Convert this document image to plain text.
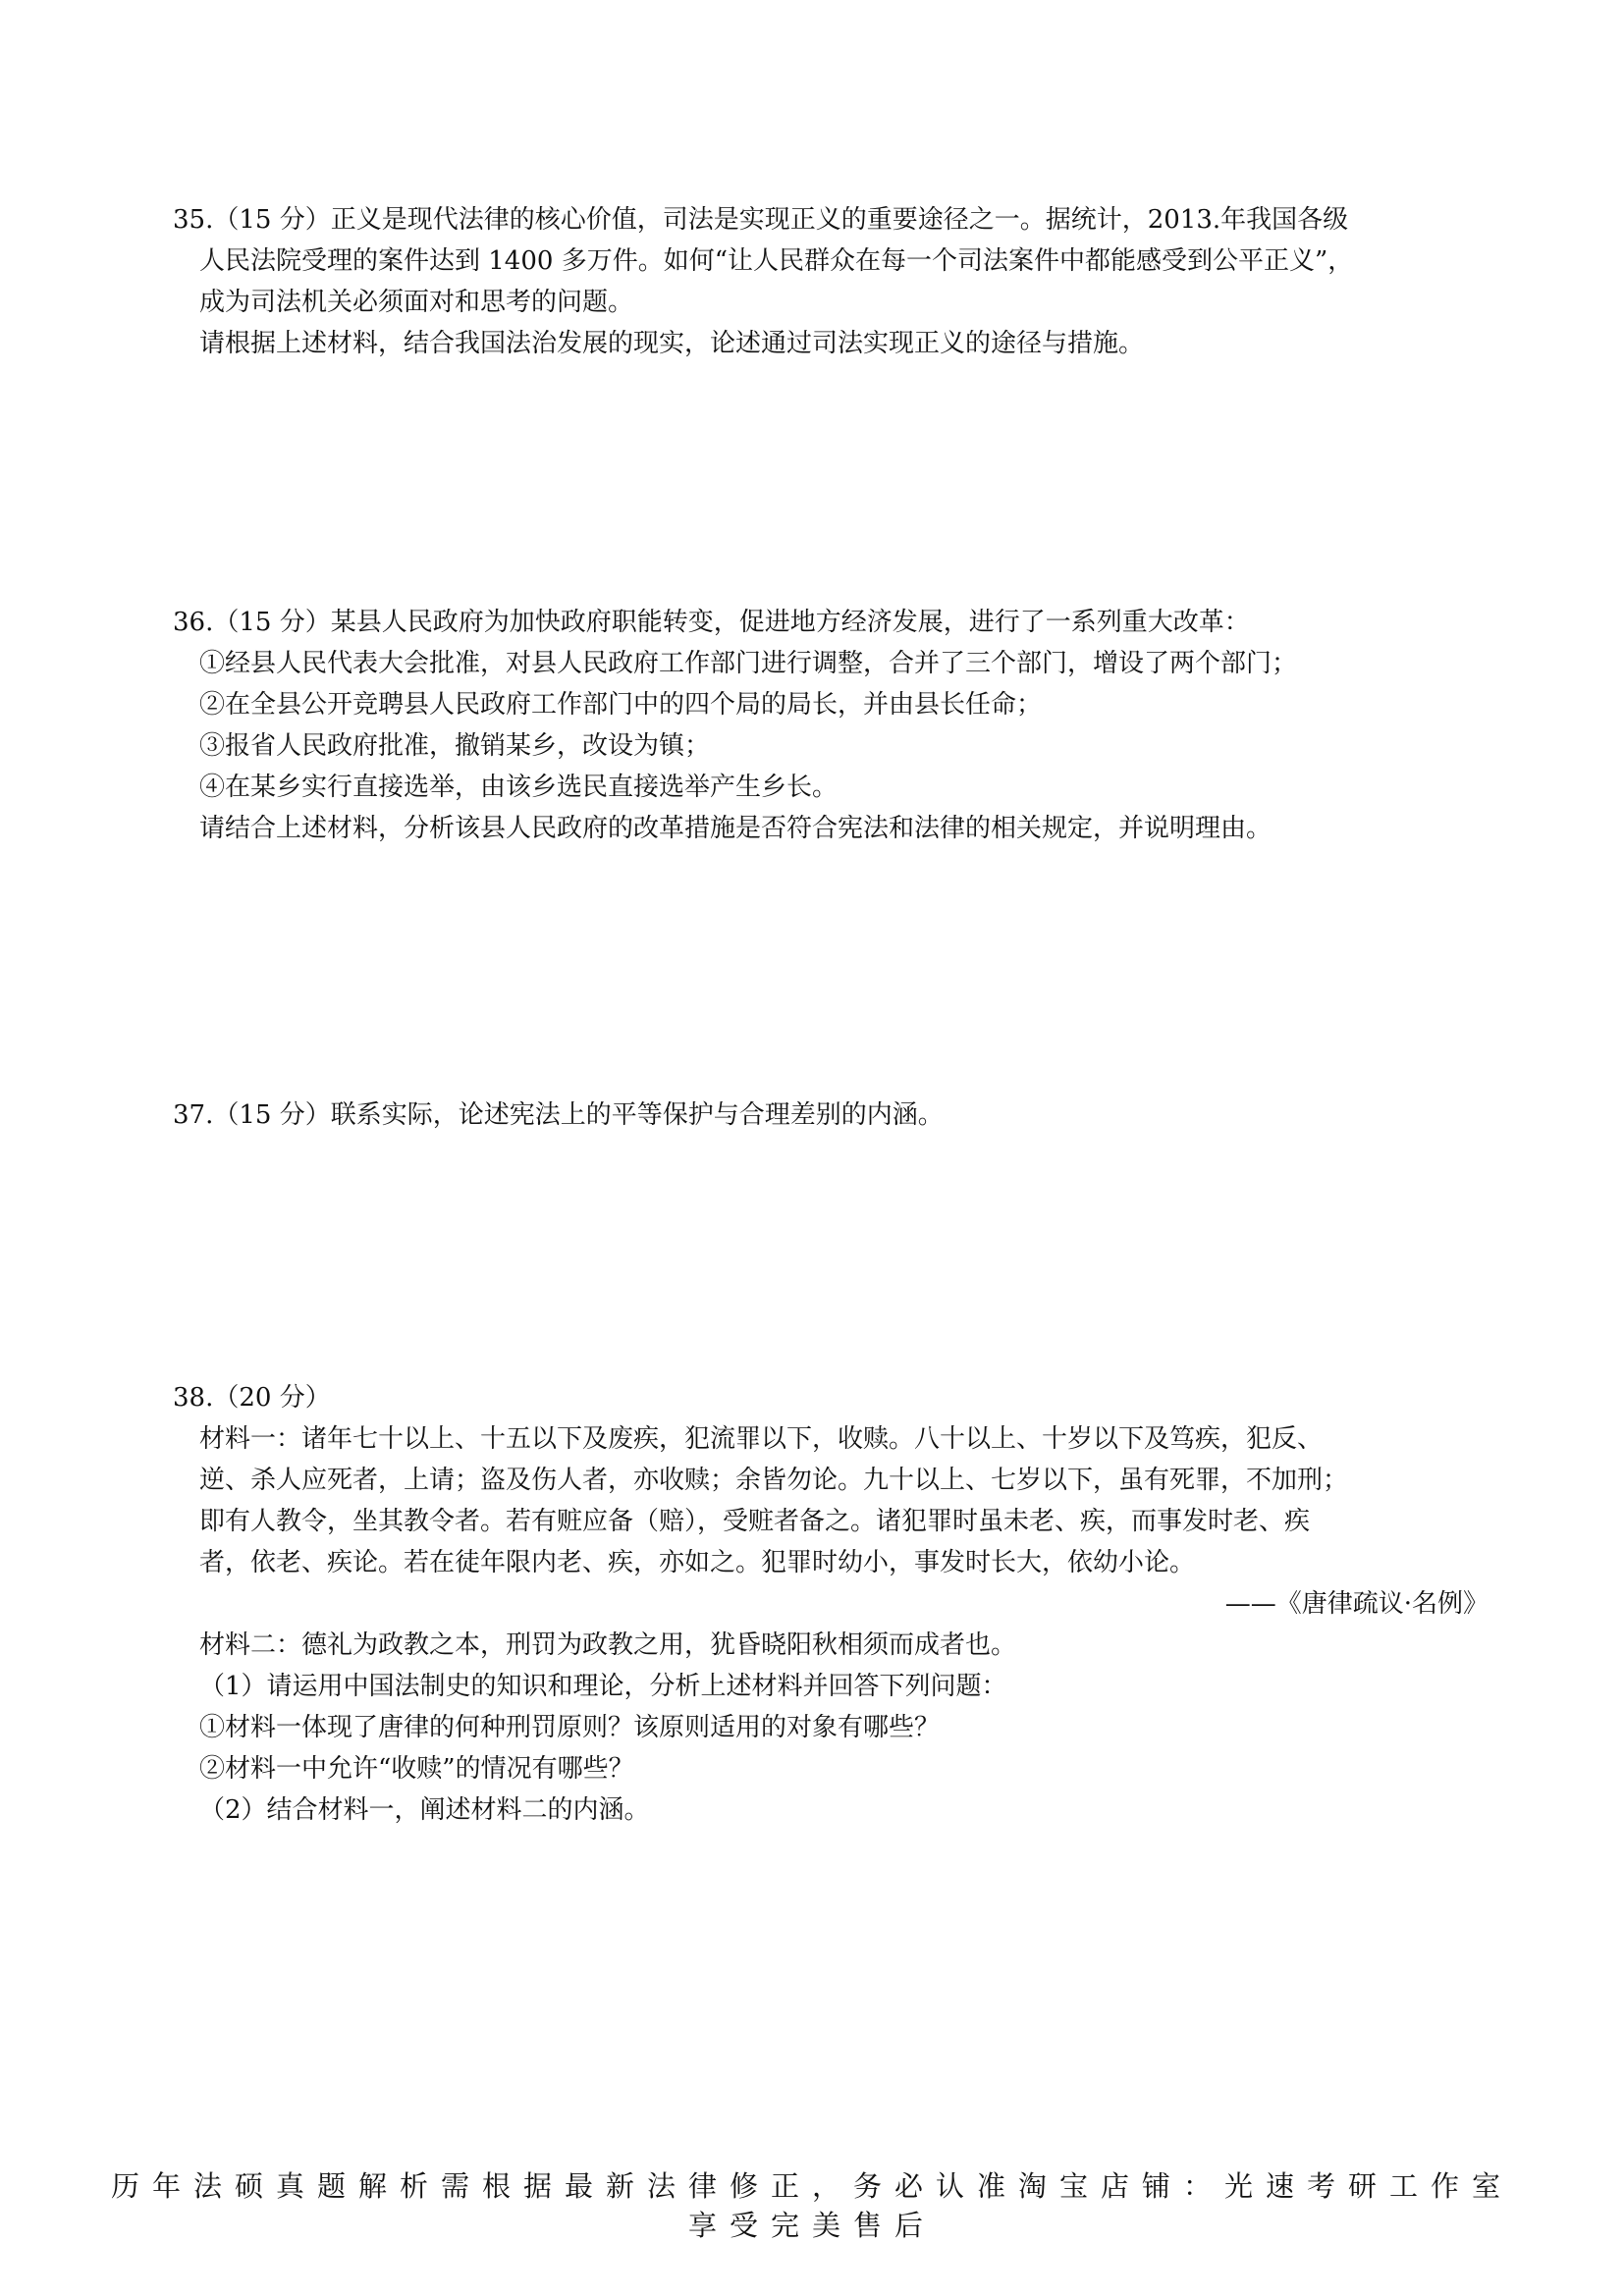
35.（15 分）正义是现代法律的核心价值，司法是实现正义的重要途径之一。据统计，2013.年我国各级

人民法院受理的案件达到 1400 多万件。如何“让人民群众在每一个司法案件中都能感受到公平正义”，

成为司法机关必须面对和思考的问题。

请根据上述材料，结合我国法治发展的现实，论述通过司法实现正义的途径与措施。

36.（15 分）某县人民政府为加快政府职能转变，促进地方经济发展，进行了一系列重大改革：

①经县人民代表大会批准，对县人民政府工作部门进行调整，合并了三个部门，增设了两个部门；

②在全县公开竞聘县人民政府工作部门中的四个局的局长，并由县长任命；

③报省人民政府批准，撤销某乡，改设为镇；

④在某乡实行直接选举，由该乡选民直接选举产生乡长。

请结合上述材料，分析该县人民政府的改革措施是否符合宪法和法律的相关规定，并说明理由。

37.（15 分）联系实际，论述宪法上的平等保护与合理差别的内涵。

38.（20 分）

材料一：诸年七十以上、十五以下及废疾，犯流罪以下，收赎。八十以上、十岁以下及笃疾，犯反、

逆、杀人应死者，上请；盗及伤人者，亦收赎；余皆勿论。九十以上、七岁以下，虽有死罪，不加刑；

即有人教令，坐其教令者。若有赃应备（赔），受赃者备之。诸犯罪时虽未老、疾，而事发时老、疾

者，依老、疾论。若在徒年限内老、疾，亦如之。犯罪时幼小，事发时长大，依幼小论。

——《唐律疏议·名例》

材料二：德礼为政教之本，刑罚为政教之用，犹昏晓阳秋相须而成者也。

（1）请运用中国法制史的知识和理论，分析上述材料并回答下列问题：

①材料一体现了唐律的何种刑罚原则？该原则适用的对象有哪些？

②材料一中允许“收赎”的情况有哪些？

（2）结合材料一，阐述材料二的内涵。

历年法硕真题解析需根据最新法律修正，务必认准淘宝店铺：光速考研工作室
享受完美售后
